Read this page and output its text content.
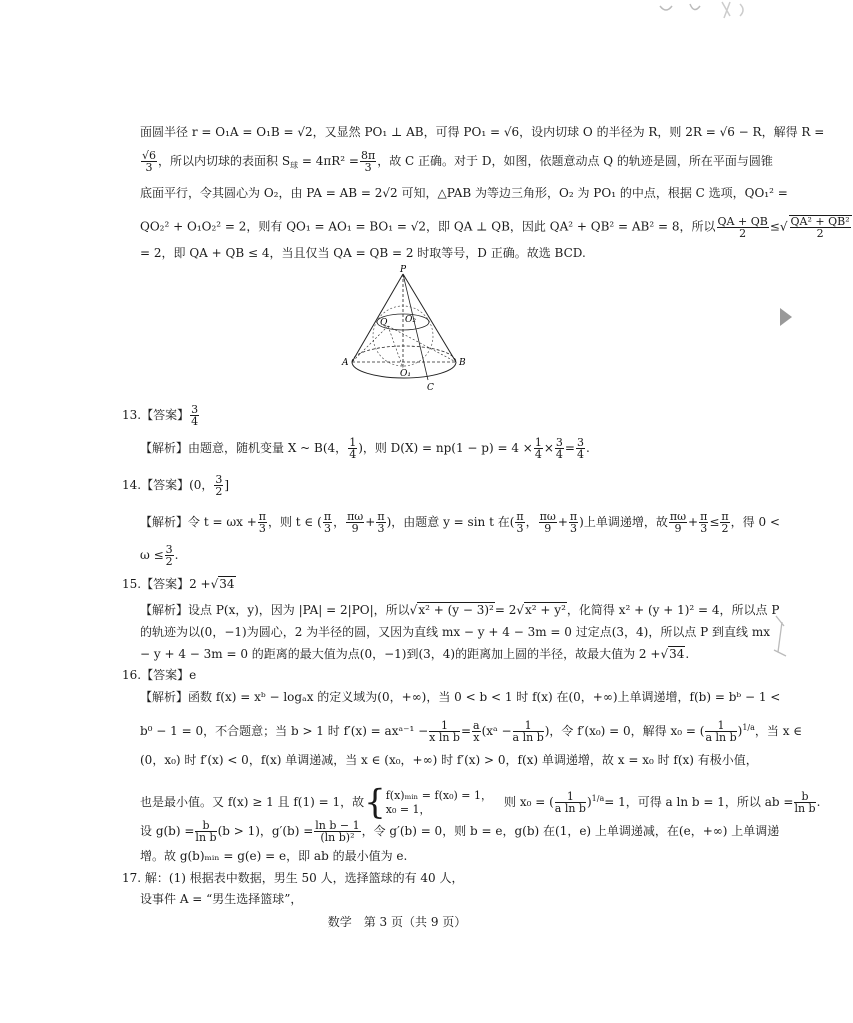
面圆半径 r = O₁A = O₁B = √2，又显然 PO₁ ⊥ AB，可得 PO₁ = √6，设内切球 O 的半径为 R，则 2R = √6 − R，解得 R =
$\frac{√6}{3}$ ，所以内切球的表面积 $S_球 = 4\pi R^2 = \frac{8\pi}{3}$ ，故 C 正确。对于 D，如图，依题意动点 Q 的轨迹是圆，所在平面与圆锥
底面平行，令其圆心为 O₂，由 PA = AB = 2√2 可知，△PAB 为等边三角形，O₂ 为 PO₁ 的中点，根据 C 选项，QO₁² =
QO₂² + O₁O₂² = 2，则有 QO₁ = AO₁ = BO₁ = √2，即 QA ⊥ QB，因此 QA² + QB² = AB² = 8，所以 $\frac{QA + QB}{2}$ ≤√ $\frac{\text{QA² + QB²}}{2}$
= 2，即 QA + QB ≤ 4，当且仅当 QA = QB = 2 时取等号，D 正确。故选 BCD.
P
Q O₂
A
O₁
B
C
13.【答案】 $\frac{3}{4}$
【解析】由题意，随机变量 X ~ B(4， $\frac{1}{4}$ )，则 $D(X) = np(1 - p) = 4 \times \frac{1}{4} \times \frac{3}{4} = \frac{3}{4}$ .
14.【答案】(0， $\frac{3}{2}$ ]
【解析】令 $t = \omega x + \frac{\pi}{3}$ ，则 t ∈ ( $\frac{\pi}{3}$ ， $\frac{\pi\omega}{9} + \frac{\pi}{3}$ )，由题意 y = sin t 在( $\frac{\pi}{3}$ ， $\frac{\pi\omega}{9} + \frac{\pi}{3}$ )上单调递增，故 $\frac{\pi\omega}{9} + \frac{\pi}{3} \le \frac{\pi}{2}$ ，得 0 <
$\omega \le \frac{3}{2}$ .
15.【答案】2 +√34
【解析】设点 P(x，y)，因为 |PA| = 2|PO|，所以√x² + (y − 3)²= 2√x² + y²，化简得 x² + (y + 1)² = 4，所以点 P
的轨迹为以(0，−1)为圆心，2 为半径的圆，又因为直线 mx − y + 4 − 3m = 0 过定点(3，4)，所以点 P 到直线 mx
− y + 4 − 3m = 0 的距离的最大值为点(0，−1)到(3，4)的距离加上圆的半径，故最大值为 2 +√34.
16.【答案】e
【解析】函数 f(x) = xᵇ − logₐx 的定义域为(0，+∞)，当 0 < b < 1 时 f(x) 在(0，+∞)上单调递增，f(b) = bᵇ − 1 <
b⁰ − 1 = 0，不合题意；当 b > 1 时 f′(x) = axᵃ⁻¹ − $\frac{1}{\text{x ln b}} = \frac{a}{x}$ (xᵃ − $\frac{1}{\text{a ln b}}$ )，令 f′(x₀) = 0，解得 x₀ = ( $\frac{1}{\text{a ln b}} )^{1/a}$，当 x ∈
(0，x₀) 时 f′(x) < 0，f(x) 单调递减，当 x ∈ (x₀，+∞) 时 f′(x) > 0，f(x) 单调递增，故 x = x₀ 时 f(x) 有极小值，
也是最小值。又 f(x) ≥ 1 且 f(1) = 1，故{ f(x)ₘᵢₙ = f(x₀) = 1，
x₀ = 1，
　	则 x₀ = ( $\frac{1}{\text{a ln b}} )^{1/a}= 1$，可得 a ln b = 1，所以 ab = $\frac{b}{\text{ln b}}$ .
设 $g(b) = \frac{b}{\text{ln b}} (b > 1)$，$g'(b) = \frac{\text{ln b − 1}}{\text{(ln b)²}}$ ，令 g′(b) = 0，则 b = e，g(b) 在(1，e) 上单调递减，在(e，+∞) 上单调递
增。故 g(b)ₘᵢₙ = g(e) = e，即 ab 的最小值为 e.
17. 解：(1) 根据表中数据，男生 50 人，选择篮球的有 40 人，
设事件 A = “男生选择篮球”，
数学　第 3 页（共 9 页）
